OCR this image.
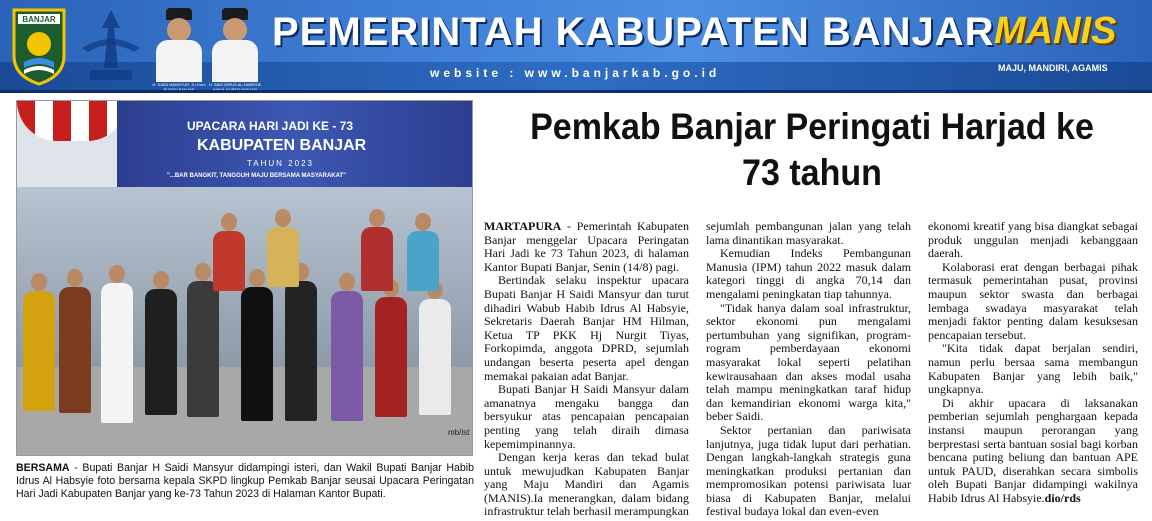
BANJAR
H. SAIDI MANSYUR, S.I.Kom
BUPATI BANJAR
H. SAID IDRUS AL-HABSYIE
WAKIL BUPATI BANJAR
PEMERINTAH KABUPATEN BANJAR MANIS
website : www.banjarkab.go.id	MAJU, MANDIRI, AGAMIS
UPACARA HARI JADI KE - 73
KABUPATEN BANJAR
TAHUN 2023
"...BAR BANGKIT, TANGGUH MAJU BERSAMA MASYARAKAT"
mb/ist
BERSAMA - Bupati Banjar H Saidi Mansyur didampingi isteri, dan Wakil Bupati Banjar Habib Idrus Al Habsyie foto bersama kepala SKPD lingkup Pemkab Banjar seusai Upacara Peringatan Hari Jadi Kabupaten Banjar yang ke-73 Tahun 2023 di Halaman Kantor Bupati.
Pemkab Banjar Peringati Harjad ke 73 tahun

MARTAPURA - Pemerintah Kabupaten Banjar menggelar Upacara Peringatan Hari Jadi ke 73 Tahun 2023, di halaman Kantor Bupati Banjar, Senin (14/8) pagi.

Bertindak selaku inspektur upacara Bupati Banjar H Saidi Mansyur dan turut dihadiri Wabub Habib Idrus Al Habsyie, Sekretaris Daerah Banjar HM Hilman, Ketua TP PKK Hj Nurgit Tiyas, Forkopimda, anggota DPRD, sejumlah undangan beserta peserta apel dengan memakai pakaian adat Banjar.

Bupati Banjar H Saidi Mansyur dalam amanatnya mengaku bangga dan bersyukur atas pencapaian pencapaian penting yang telah diraih dimasa kepemimpinannya.

Dengan kerja keras dan tekad bulat untuk mewujudkan Kabupaten Banjar yang Maju Mandiri dan Agamis (MANIS).Ia menerangkan, dalam bidang infrastruktur telah berhasil merampungkan

sejumlah pembangunan jalan yang telah lama dinantikan masyarakat.

Kemudian Indeks Pembangunan Manusia (IPM) tahun 2022 masuk dalam kategori tinggi di angka 70,14 dan mengalami peningkatan tiap tahunnya.

"Tidak hanya dalam soal infrastruktur, sektor ekonomi pun mengalami pertumbuhan yang signifikan, program-rogram pemberdayaan ekonomi masyarakat lokal seperti pelatihan kewirausahaan dan akses modal usaha telah mampu meningkatkan taraf hidup dan kemandirian ekonomi warga kita," beber Saidi.

Sektor pertanian dan pariwisata lanjutnya, juga tidak luput dari perhatian. Dengan langkah-langkah strategis guna meningkatkan produksi pertanian dan mempromosikan potensi pariwisata luar biasa di Kabupaten Banjar, melalui festival budaya lokal dan even-even

ekonomi kreatif yang bisa diangkat sebagai produk unggulan menjadi kebanggaan daerah.

Kolaborasi erat dengan berbagai pihak termasuk pemerintahan pusat, provinsi maupun sektor swasta dan berbagai lembaga swadaya masyarakat telah menjadi faktor penting dalam kesuksesan pencapaian tersebut.

"Kita tidak dapat berjalan sendiri, namun perlu bersaa sama membangun Kabupaten Banjar yang lebih baik," ungkapnya.

Di akhir upacara di laksanakan pemberian sejumlah penghargaan kepada instansi maupun perorangan yang berprestasi serta bantuan sosial bagi korban bencana puting beliung dan bantuan APE untuk PAUD, diserahkan secara simbolis oleh Bupati Banjar didampingi wakilnya Habib Idrus Al Habsyie.dio/rds
